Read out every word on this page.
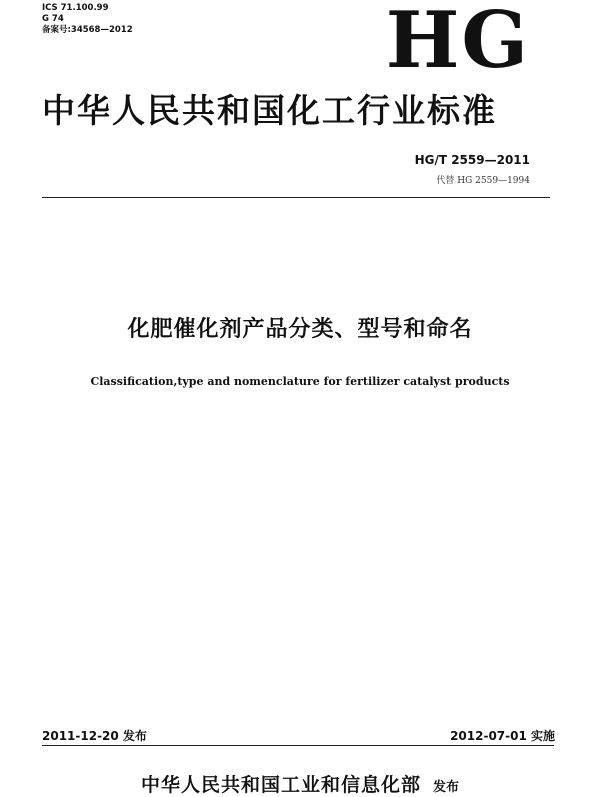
ICS 71.100.99
G 74
备案号:34568—2012	HG
中华人民共和国化工行业标准
HG/T 2559—2011
代替 HG 2559—1994
化肥催化剂产品分类、型号和命名
Classification,type and nomenclature for fertilizer catalyst products
2011-12-20 发布	2012-07-01 实施
中华人民共和国工业和信息化部 发布
